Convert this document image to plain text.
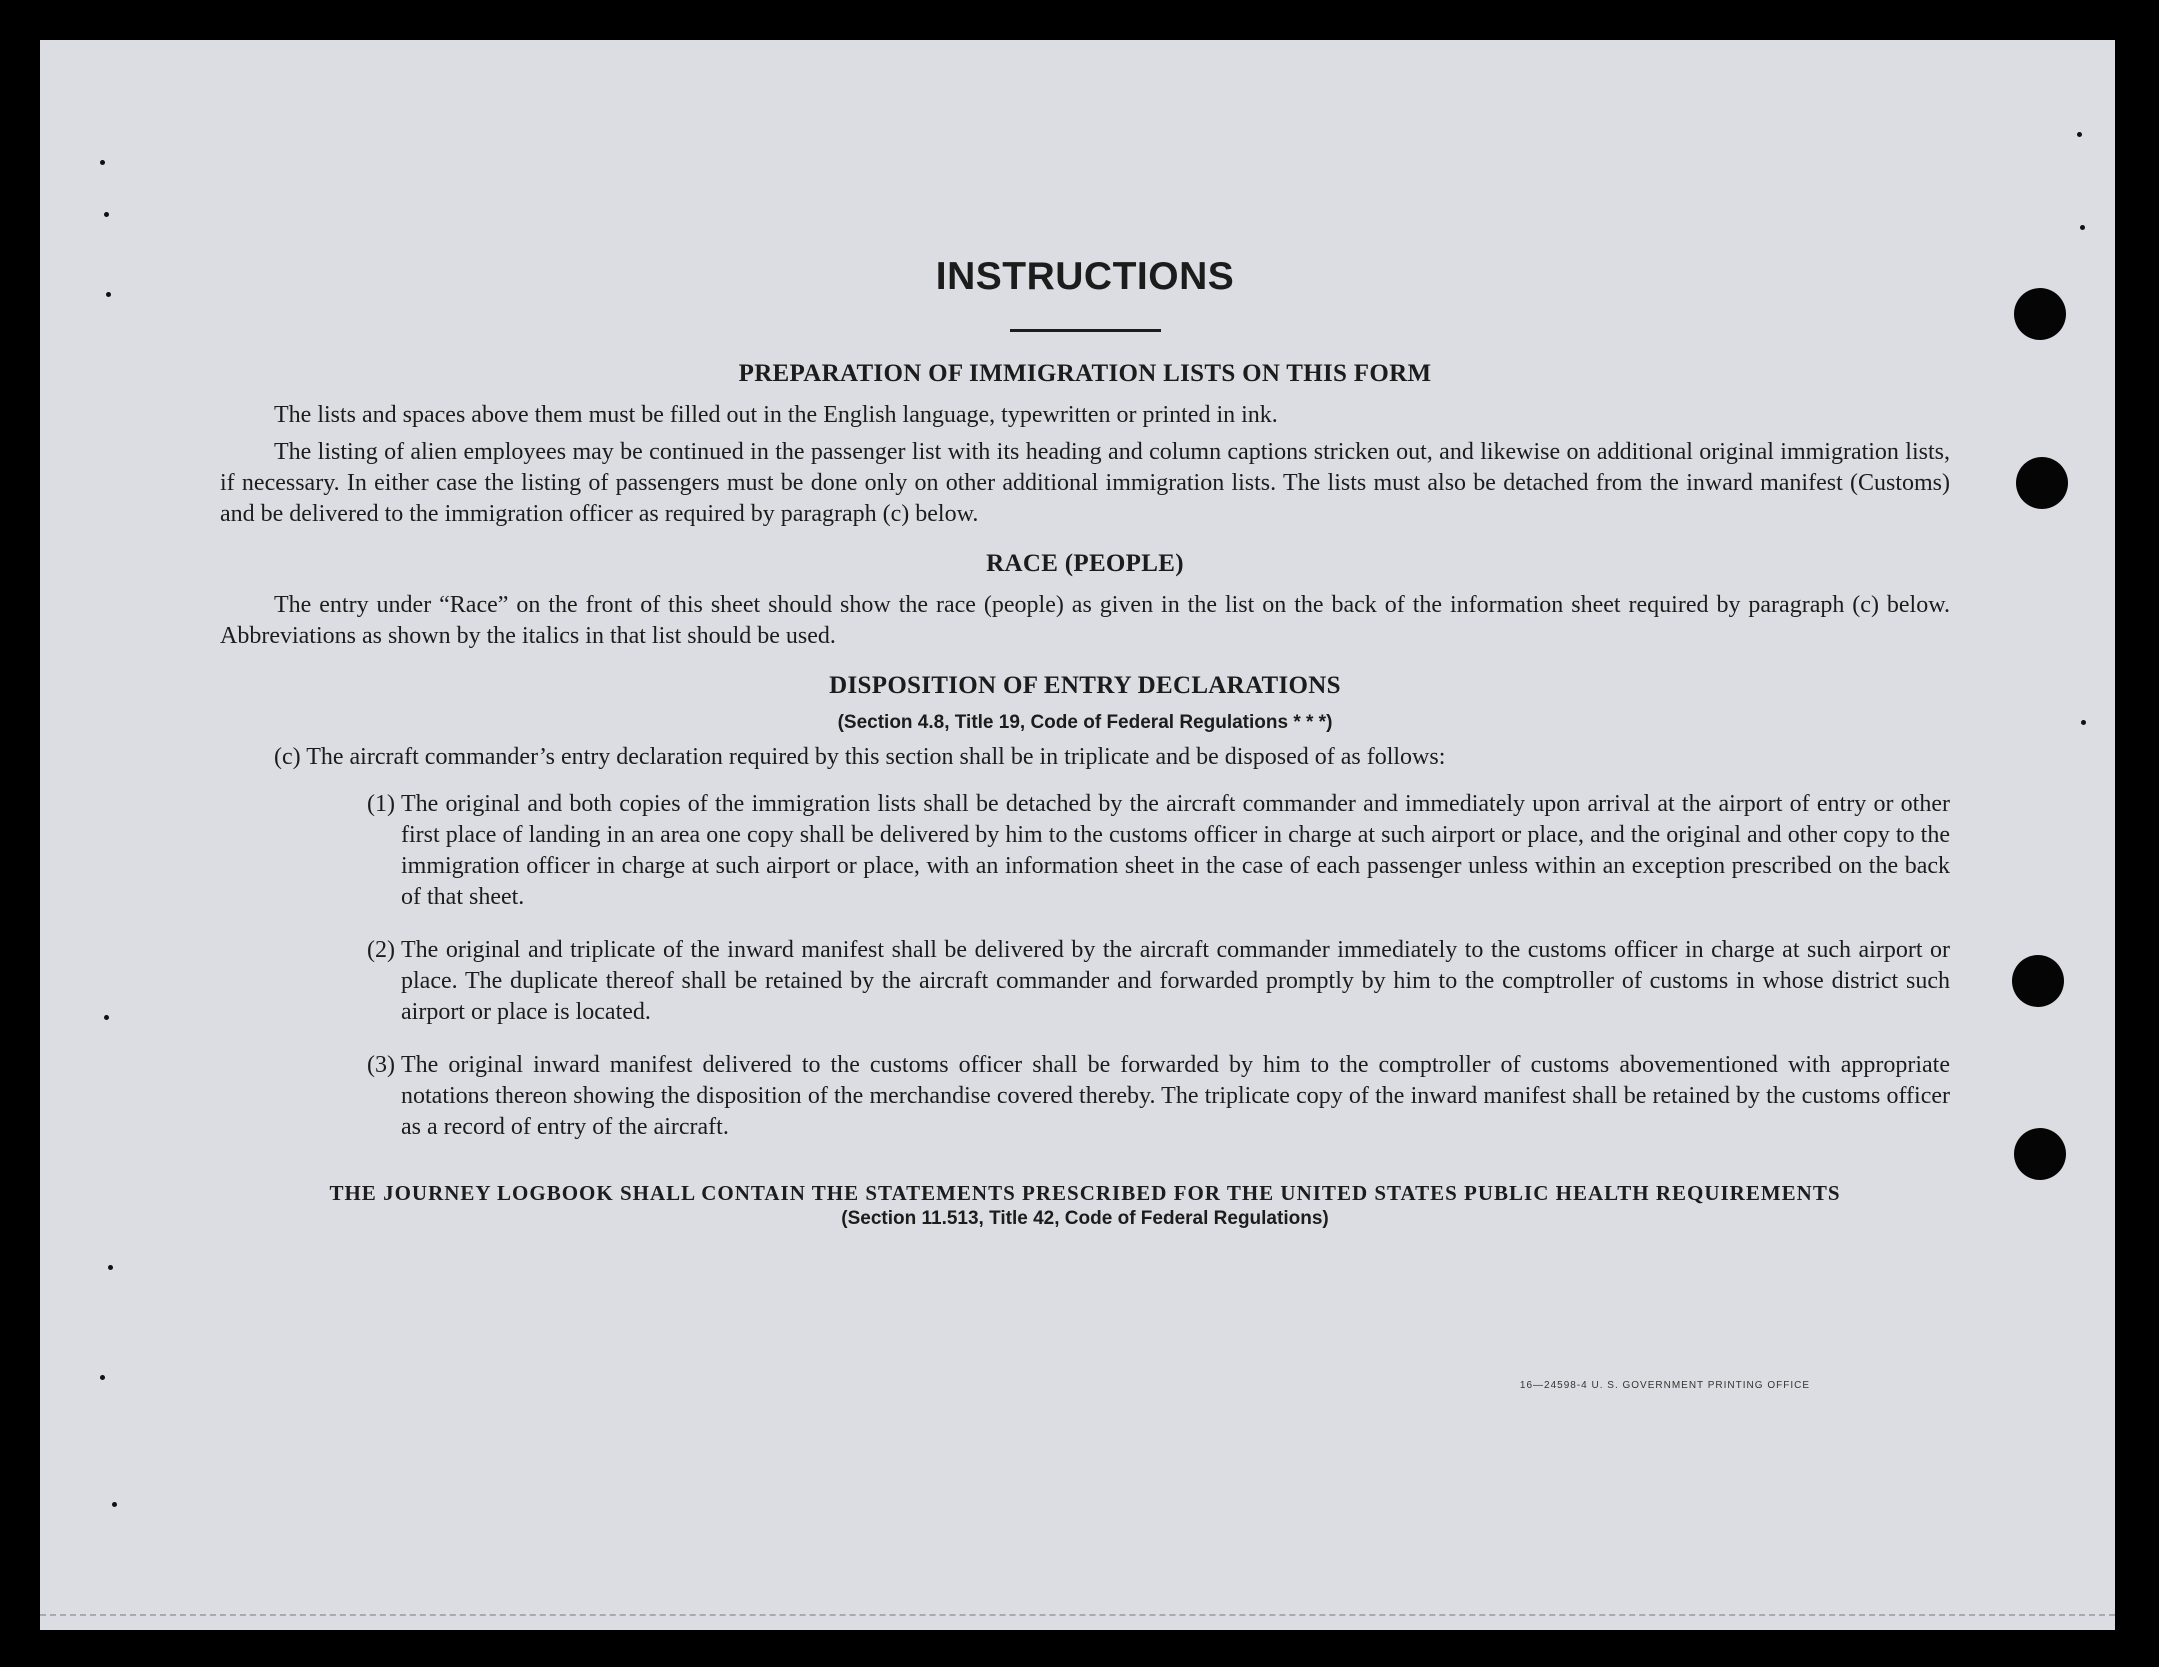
INSTRUCTIONS
PREPARATION OF IMMIGRATION LISTS ON THIS FORM

The lists and spaces above them must be filled out in the English language, typewritten or printed in ink.

The listing of alien employees may be continued in the passenger list with its heading and column captions stricken out, and likewise on additional original immigration lists, if necessary. In either case the listing of passengers must be done only on other additional immigration lists. The lists must also be detached from the inward manifest (Customs) and be delivered to the immigration officer as required by paragraph (c) below.

RACE (PEOPLE)

The entry under “Race” on the front of this sheet should show the race (people) as given in the list on the back of the information sheet required by paragraph (c) below. Abbreviations as shown by the italics in that list should be used.

DISPOSITION OF ENTRY DECLARATIONS
(Section 4.8, Title 19, Code of Federal Regulations * * *)
(c) The aircraft commander’s entry declaration required by this section shall be in triplicate and be disposed of as follows:
(1) The original and both copies of the immigration lists shall be detached by the aircraft commander and immediately upon arrival at the airport of entry or other first place of landing in an area one copy shall be delivered by him to the customs officer in charge at such airport or place, and the original and other copy to the immigration officer in charge at such airport or place, with an information sheet in the case of each passenger unless within an exception prescribed on the back of that sheet.
(2) The original and triplicate of the inward manifest shall be delivered by the aircraft commander immediately to the customs officer in charge at such airport or place. The duplicate thereof shall be retained by the aircraft commander and forwarded promptly by him to the comptroller of customs in whose district such airport or place is located.
(3) The original inward manifest delivered to the customs officer shall be forwarded by him to the comptroller of customs abovementioned with appropriate notations thereon showing the disposition of the merchandise covered thereby. The triplicate copy of the inward manifest shall be retained by the customs officer as a record of entry of the aircraft.
THE JOURNEY LOGBOOK SHALL CONTAIN THE STATEMENTS PRESCRIBED FOR THE UNITED STATES PUBLIC HEALTH REQUIREMENTS
(Section 11.513, Title 42, Code of Federal Regulations)
16—24598-4 U. S. GOVERNMENT PRINTING OFFICE
